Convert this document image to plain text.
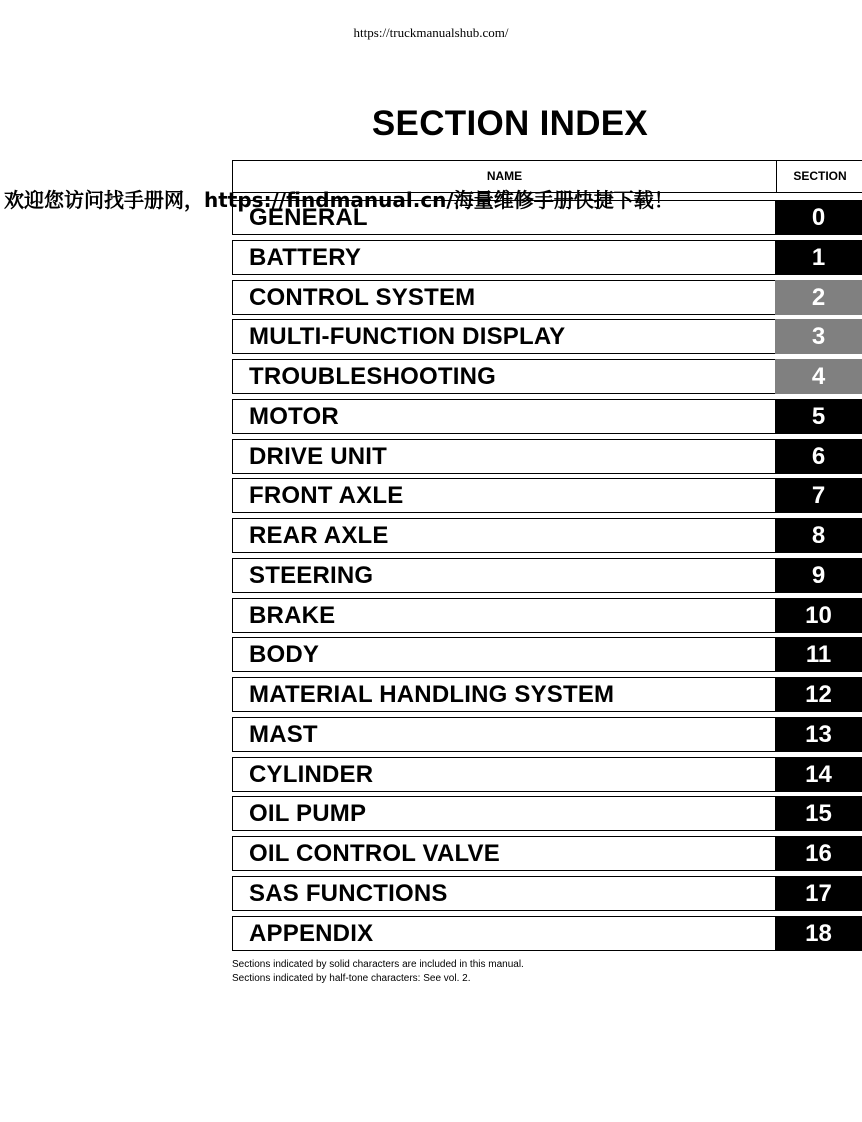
https://truckmanualshub.com/
SECTION INDEX
欢迎您访问找手册网，https://findmanual.cn/海量维修手册快捷下载！
NAME	SECTION
GENERAL	0
BATTERY	1
CONTROL SYSTEM	2
MULTI-FUNCTION DISPLAY	3
TROUBLESHOOTING	4
MOTOR	5
DRIVE UNIT	6
FRONT AXLE	7
REAR AXLE	8
STEERING	9
BRAKE	10
BODY	11
MATERIAL HANDLING SYSTEM	12
MAST	13
CYLINDER	14
OIL PUMP	15
OIL CONTROL VALVE	16
SAS FUNCTIONS	17
APPENDIX	18
Sections indicated by solid characters are included in this manual.
Sections indicated by half-tone characters: See vol. 2.
